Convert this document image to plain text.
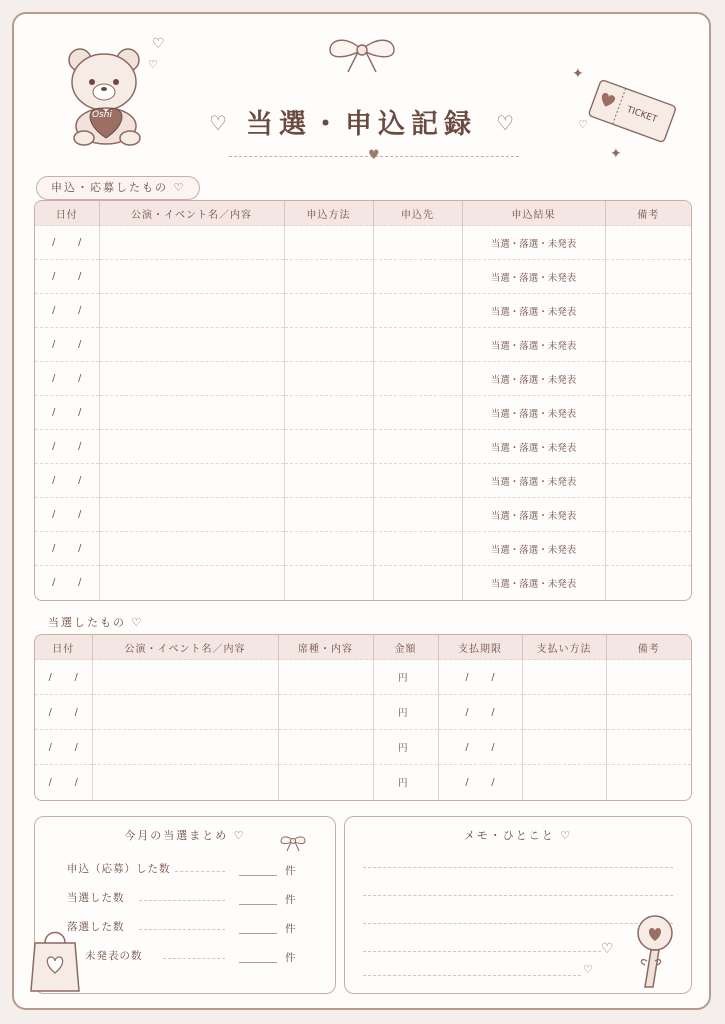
Oshi
♡
♡
TICKET
✦
✦
♡
♡ 当選・申込記録 ♡
♥
申込・応募したもの ♡
日付	公演・イベント名／内容	申込方法	申込先	申込結果	備考
/ /				当選・落選・未発表	
/ /				当選・落選・未発表	
/ /				当選・落選・未発表	
/ /				当選・落選・未発表	
/ /				当選・落選・未発表	
/ /				当選・落選・未発表	
/ /				当選・落選・未発表	
/ /				当選・落選・未発表	
/ /				当選・落選・未発表	
/ /				当選・落選・未発表	
/ /				当選・落選・未発表	
当選したもの ♡
日付	公演・イベント名／内容	席種・内容	金額	支払期限	支払い方法	備考
/ /			円	/ /		
/ /			円	/ /		
/ /			円	/ /		
/ /			円	/ /		
今月の当選まとめ ♡
申込（応募）した数	件
当選した数	件
落選した数	件
未発表の数	件
メモ・ひとこと ♡
♡
♡
